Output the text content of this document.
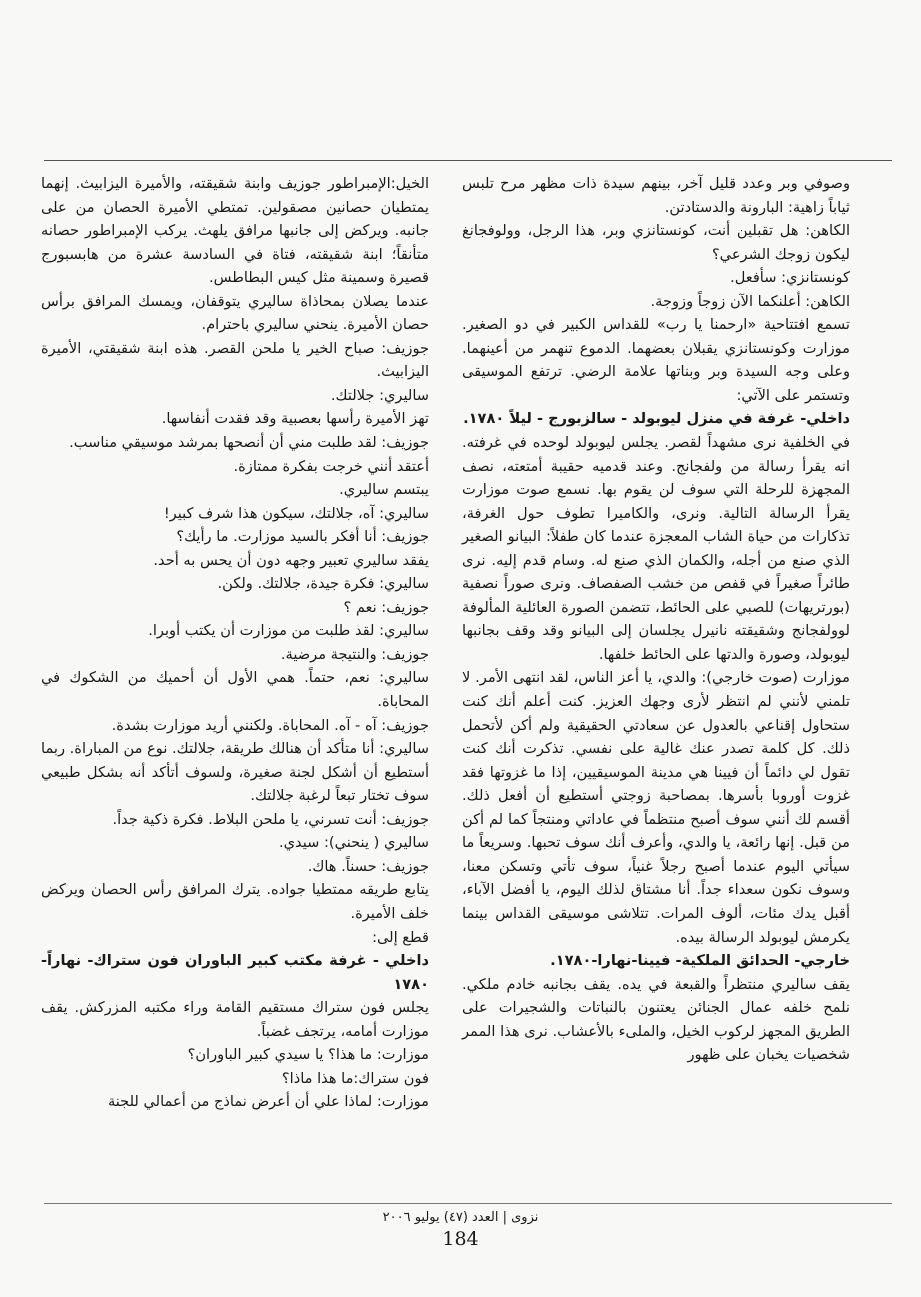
وصوفي وبر وعدد قليل آخر، بينهم سيدة ذات مظهر مرح تلبس ثياباً زاهية: البارونة والدستادتن.

الكاهن: هل تقبلين أنت، كونستانزي وبر، هذا الرجل، وولوفجانغ ليكون زوجك الشرعي؟

كونستانزي: سأفعل.

الكاهن: أعلنكما الآن زوجاً وزوجة.

تسمع افتتاحية «ارحمنا يا رب» للقداس الكبير في دو الصغير. موزارت وكونستانزي يقبلان بعضهما. الدموع تنهمر من أعينهما. وعلى وجه السيدة وبر وبناتها علامة الرضي. ترتفع الموسيقى وتستمر على الآتي:

داخلي- غرفة في منزل ليوبولد - سالزبورج - ليلاً ١٧٨٠.

في الخلفية نرى مشهداً لقصر. يجلس ليوبولد لوحده في غرفته. انه يقرأ رسالة من ولفجانج. وعند قدميه حقيبة أمتعته، نصف المجهزة للرحلة التي سوف لن يقوم بها. نسمع صوت موزارت يقرأ الرسالة التالية. ونرى، والكاميرا تطوف حول الغرفة، تذكارات من حياة الشاب المعجزة عندما كان طفلاً: البيانو الصغير الذي صنع من أجله، والكمان الذي صنع له. وسام قدم إليه. نرى طائراً صغيراً في قفص من خشب الصفصاف. ونرى صوراً نصفية (بورتريهات) للصبي على الحائط، تتضمن الصورة العائلية المألوفة لوولفجانج وشقيقته نانيرل يجلسان إلى البيانو وقد وقف بجانبها ليوبولد، وصورة والدتها على الحائط خلفها.

موزارت (صوت خارجي): والدي، يا أعز الناس، لقد انتهى الأمر. لا تلمني لأنني لم انتظر لأرى وجهك العزيز. كنت أعلم أنك كنت ستحاول إقناعي بالعدول عن سعادتي الحقيقية ولم أكن لأتحمل ذلك. كل كلمة تصدر عنك غالية على نفسي. تذكرت أنك كنت تقول لي دائماً أن فيينا هي مدينة الموسيقيين، إذا ما غزوتها فقد غزوت أوروبا بأسرها. بمصاحبة زوجتي أستطيع أن أفعل ذلك. أقسم لك أنني سوف أصبح منتظماً في عاداتي ومنتجاً كما لم أكن من قبل. إنها رائعة، يا والدي، وأعرف أنك سوف تحبها. وسريعاً ما سيأتي اليوم عندما أصبح رجلاً غنياً، سوف تأتي وتسكن معنا، وسوف نكون سعداء جداً. أنا مشتاق لذلك اليوم، يا أفضل الآباء، أقبل يدك مئات، ألوف المرات. تتلاشى موسيقى القداس بينما يكرمش ليوبولد الرسالة بيده.

خارجي- الحدائق الملكية- فيينا-نهارا-١٧٨٠.

يقف ساليري منتظراً والقبعة في يده. يقف بجانبه خادم ملكي. نلمح خلفه عمال الجنائن يعتنون بالنباتات والشجيرات على الطريق المجهز لركوب الخيل، والملىء بالأعشاب. نرى هذا الممر شخصيات يخبان على ظهور

الخيل:الإمبراطور جوزيف وابنة شقيقته، والأميرة اليزابيث. إنهما يمتطيان حصانين مصقولين. تمتطي الأميرة الحصان من على جانبه. ويركض إلى جانبها مرافق يلهث. يركب الإمبراطور حصانه متأنقاً؛ ابنة شقيقته، فتاة في السادسة عشرة من هابسبورج قصيرة وسمينة مثل كيس البطاطس.

عندما يصلان بمحاذاة ساليري يتوقفان، ويمسك المرافق برأس حصان الأميرة. ينحني ساليري باحترام.

جوزيف: صباح الخير يا ملحن القصر. هذه ابنة شقيقتي، الأميرة اليزابيث.

ساليري: جلالتك.

تهز الأميرة رأسها بعصبية وقد فقدت أنفاسها.

جوزيف: لقد طلبت مني أن أنصحها بمرشد موسيقي مناسب.

أعتقد أنني خرجت بفكرة ممتازة.

يبتسم ساليري.

ساليري: آه، جلالتك، سيكون هذا شرف كبير!

جوزيف: أنا أفكر بالسيد موزارت. ما رأيك؟

يفقد ساليري تعبير وجهه دون أن يحس به أحد.

ساليري: فكرة جيدة، جلالتك. ولكن.

جوزيف: نعم ؟

ساليري: لقد طلبت من موزارت أن يكتب أوبرا.

جوزيف: والنتيجة مرضية.

ساليري: نعم، حتماً. همي الأول أن أحميك من الشكوك في المحاباة.

جوزيف: آه - آه. المحاباة. ولكنني أريد موزارت بشدة.

ساليري: أنا متأكد أن هنالك طريقة، جلالتك. نوع من المباراة. ربما أستطيع أن أشكل لجنة صغيرة، ولسوف أتأكد أنه بشكل طبيعي سوف تختار تبعاً لرغبة جلالتك.

جوزيف: أنت تسرني، يا ملحن البلاط. فكرة ذكية جداً.

ساليري ( ينحني): سيدي.

جوزيف: حسناً. هاك.

يتابع طريقه ممتطيا جواده. يترك المرافق رأس الحصان ويركض خلف الأميرة.

قطع إلى:

داخلي - غرفة مكتب كبير الباوران فون ستراك- نهاراً- ١٧٨٠

يجلس فون ستراك مستقيم القامة وراء مكتبه المزركش. يقف موزارت أمامه، يرتجف غضباً.

موزارت: ما هذا؟ يا سيدي كبير الباوران؟

فون ستراك:ما هذا ماذا؟

موزارت: لماذا علي أن أعرض نماذج من أعمالي للجنة

نزوى | العدد (٤٧) يوليو ٢٠٠٦
184
